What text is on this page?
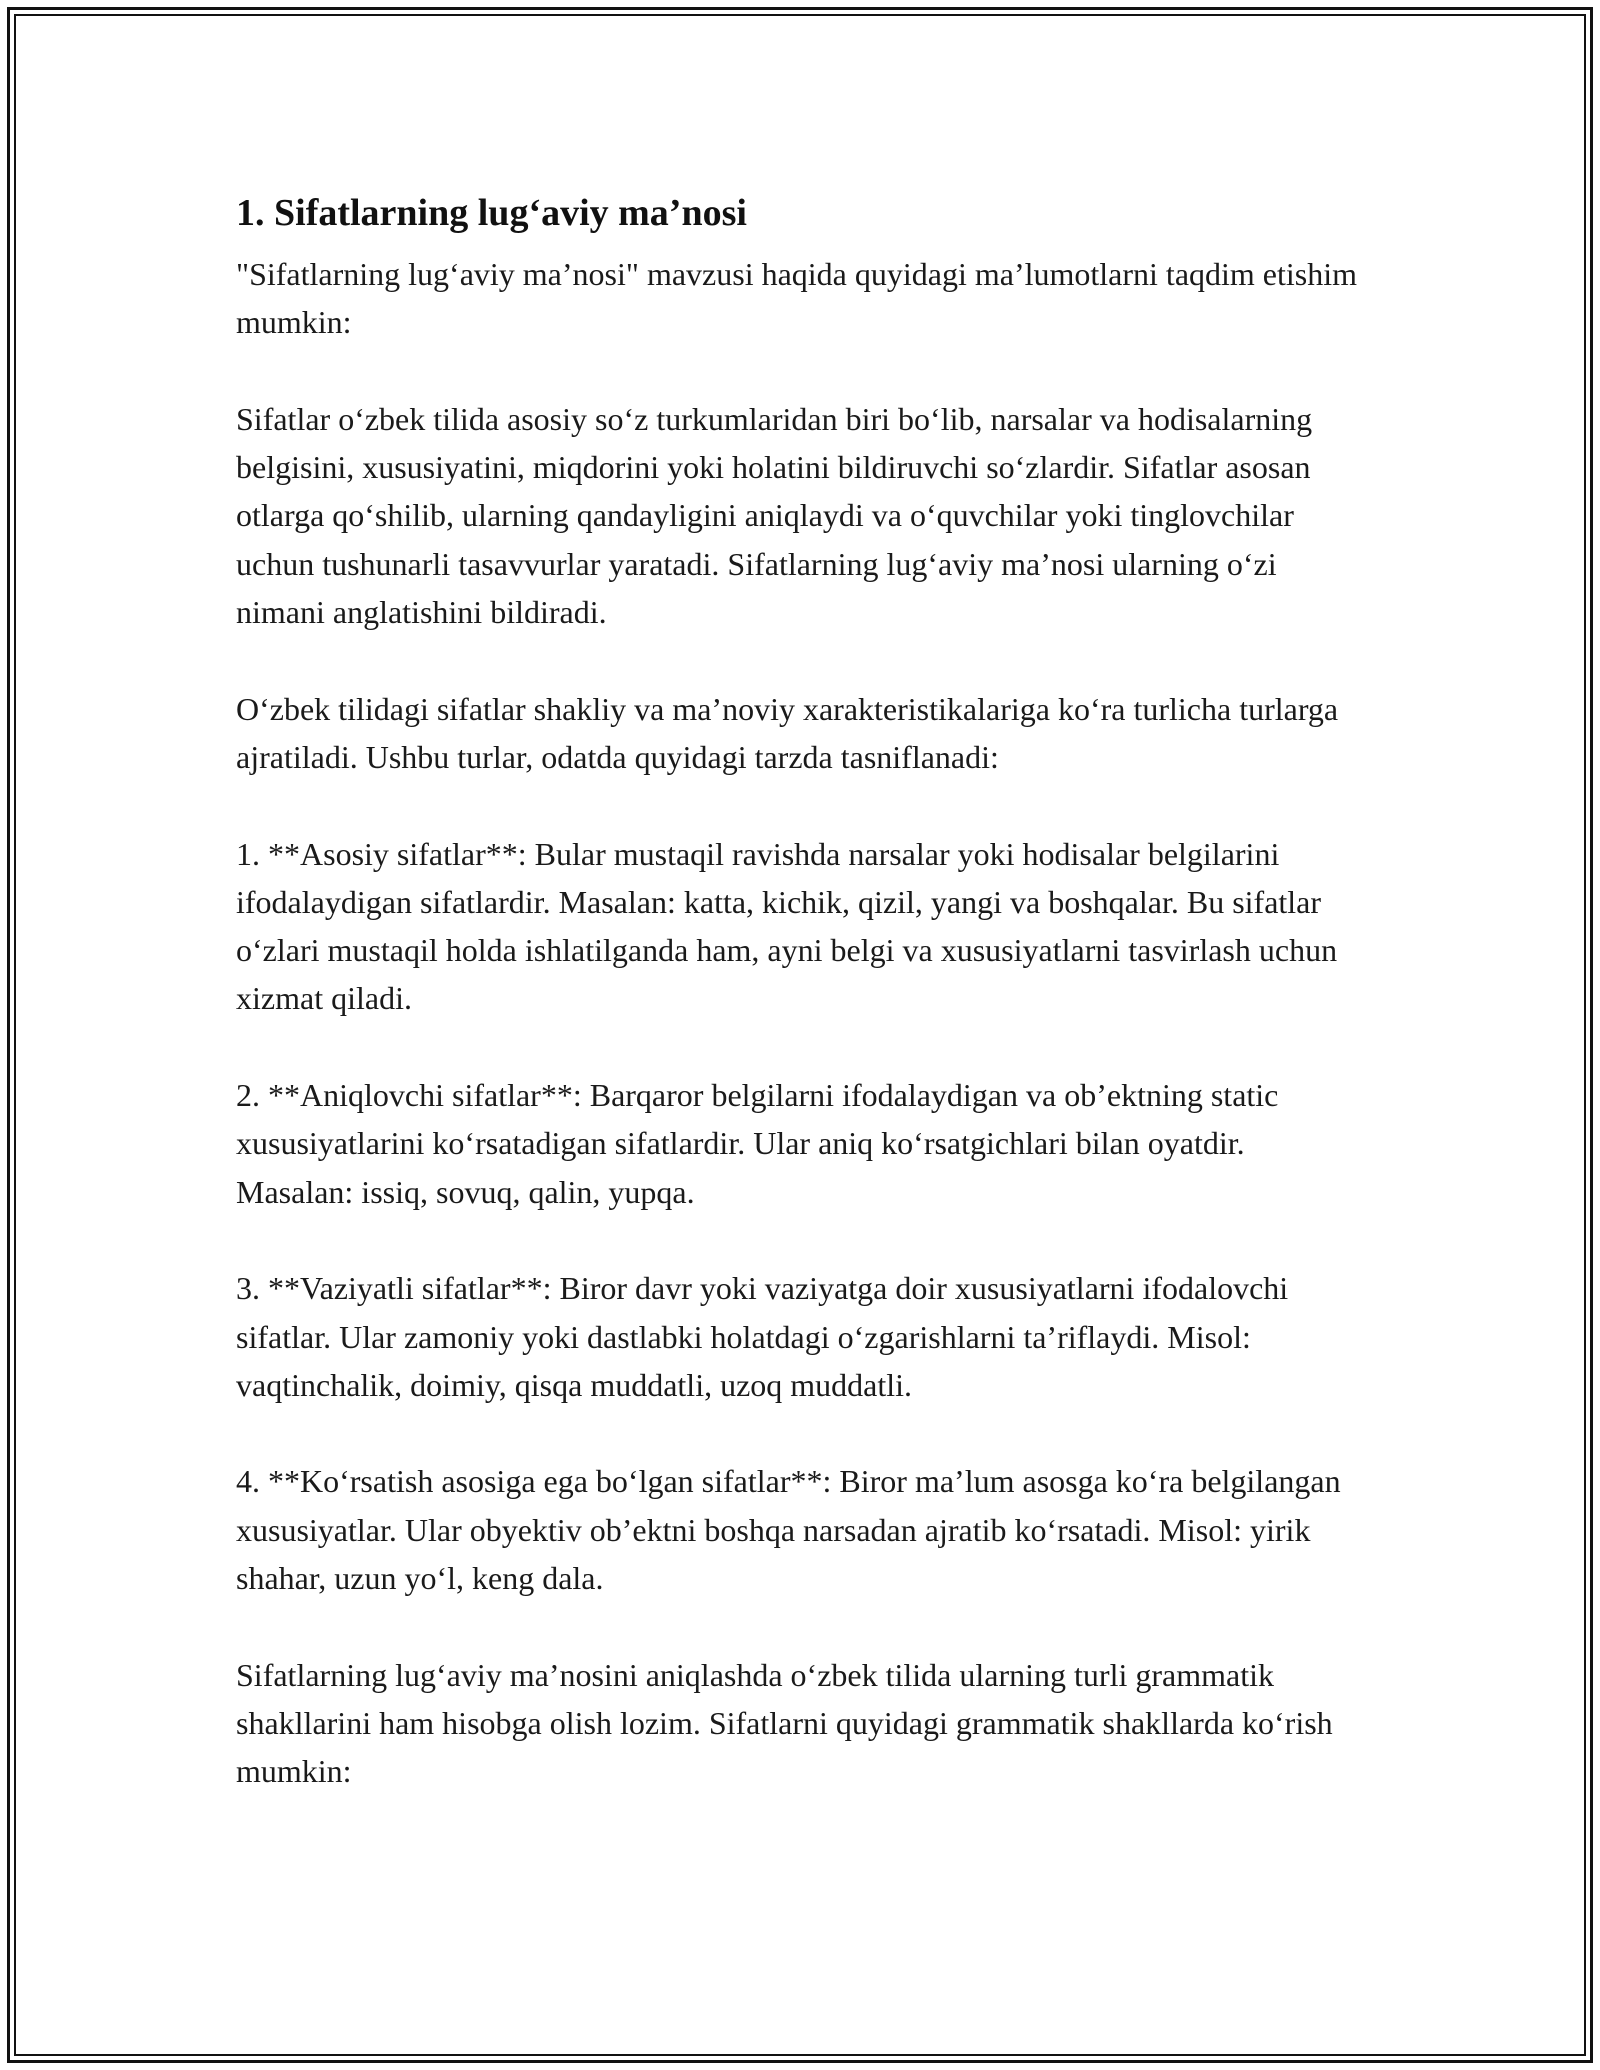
1. Sifatlarning lug‘aviy ma’nosi

"Sifatlarning lug‘aviy ma’nosi" mavzusi haqida quyidagi ma’lumotlarni taqdim etishim mumkin:

Sifatlar o‘zbek tilida asosiy so‘z turkumlaridan biri bo‘lib, narsalar va hodisalarning belgisini, xususiyatini, miqdorini yoki holatini bildiruvchi so‘zlardir. Sifatlar asosan otlarga qo‘shilib, ularning qandayligini aniqlaydi va o‘quvchilar yoki tinglovchilar uchun tushunarli tasavvurlar yaratadi. Sifatlarning lug‘aviy ma’nosi ularning o‘zi nimani anglatishini bildiradi.

O‘zbek tilidagi sifatlar shakliy va ma’noviy xarakteristikalariga ko‘ra turlicha turlarga ajratiladi. Ushbu turlar, odatda quyidagi tarzda tasniflanadi:

1. **Asosiy sifatlar**: Bular mustaqil ravishda narsalar yoki hodisalar belgilarini ifodalaydigan sifatlardir. Masalan: katta, kichik, qizil, yangi va boshqalar. Bu sifatlar o‘zlari mustaqil holda ishlatilganda ham, ayni belgi va xususiyatlarni tasvirlash uchun xizmat qiladi.

2. **Aniqlovchi sifatlar**: Barqaror belgilarni ifodalaydigan va ob’ektning static xususiyatlarini ko‘rsatadigan sifatlardir. Ular aniq ko‘rsatgichlari bilan oyatdir. Masalan: issiq, sovuq, qalin, yupqa.

3. **Vaziyatli sifatlar**: Biror davr yoki vaziyatga doir xususiyatlarni ifodalovchi sifatlar. Ular zamoniy yoki dastlabki holatdagi o‘zgarishlarni ta’riflaydi. Misol: vaqtinchalik, doimiy, qisqa muddatli, uzoq muddatli.

4. **Ko‘rsatish asosiga ega bo‘lgan sifatlar**: Biror ma’lum asosga ko‘ra belgilangan xususiyatlar. Ular obyektiv ob’ektni boshqa narsadan ajratib ko‘rsatadi. Misol: yirik shahar, uzun yo‘l, keng dala.

Sifatlarning lug‘aviy ma’nosini aniqlashda o‘zbek tilida ularning turli grammatik shakllarini ham hisobga olish lozim. Sifatlarni quyidagi grammatik shakllarda ko‘rish mumkin:
